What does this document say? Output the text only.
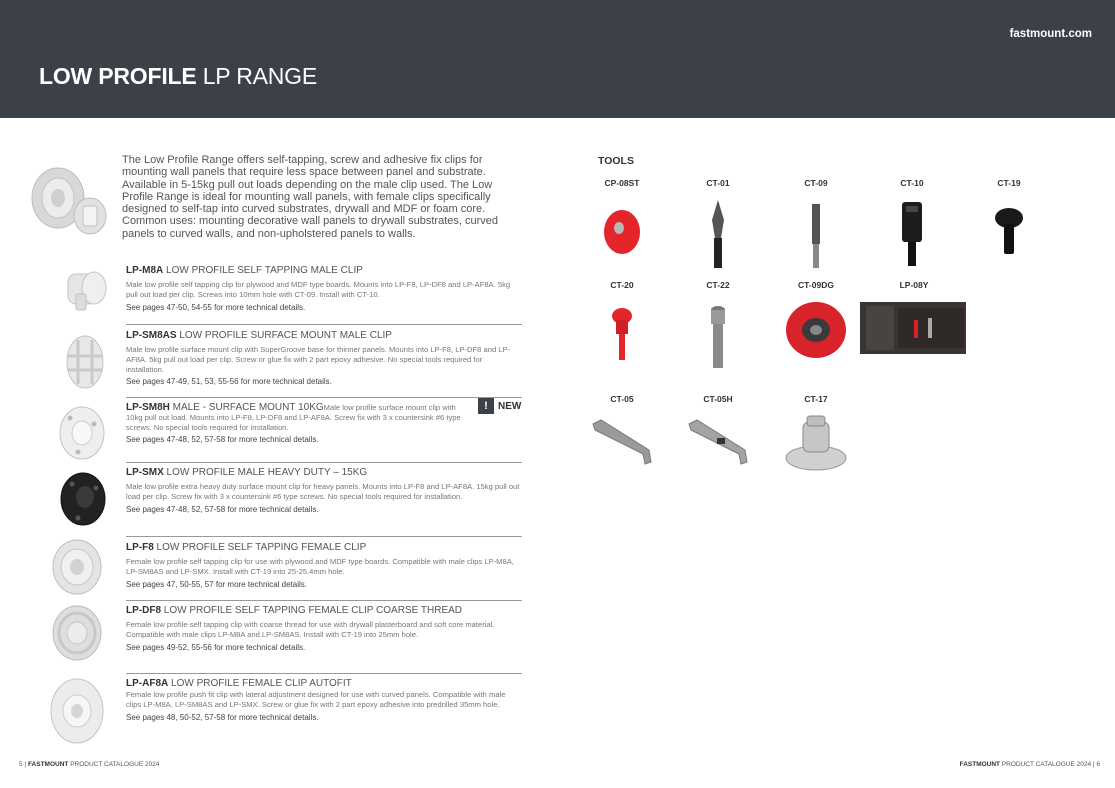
fastmount.com
LOW PROFILE LP RANGE
The Low Profile Range offers self-tapping, screw and adhesive fix clips for mounting wall panels that require less space between panel and substrate. Available in 5-15kg pull out loads depending on the male clip used. The Low Profile Range is ideal for mounting wall panels, with female clips specifically designed to self-tap into curved substrates, drywall and MDF or foam core. Common uses: mounting decorative wall panels to drywall substrates, curved panels to curved walls, and non-upholstered panels to walls.
LP-M8A LOW PROFILE SELF TAPPING MALE CLIP
Male low profile self tapping clip for plywood and MDF type boards. Mounts into LP-F8, LP-DF8 and LP-AF8A. 5kg pull out load per clip. Screws into 10mm hole with CT-09. Install with CT-10.
See pages 47-50, 54-55 for more technical details.
LP-SM8AS LOW PROFILE SURFACE MOUNT MALE CLIP
Male low profile surface mount clip with SuperGroove base for thinner panels. Mounts into LP-F8, LP-DF8 and LP-AF8A. 5kg pull out load per clip. Screw or glue fix with 2 part epoxy adhesive. No special tools required for installation.
See pages 47-49, 51, 53, 55-56 for more technical details.
LP-SM8H MALE - SURFACE MOUNT 10KGMale low profile surface mount clip with 10kg pull out load. Mounts into LP-F8, LP-DF8 and LP-AF8A. Screw fix with 3 x countersink #6 type screws. No special tools required for installation.
See pages 47-48, 52, 57-58 for more technical details.
!	NEW
LP-SMX LOW PROFILE MALE HEAVY DUTY – 15KG
Male low profile extra heavy duty surface mount clip for heavy panels. Mounts into LP-F8 and LP-AF8A. 15kg pull out load per clip. Screw fix with 3 x countersink #6 type screws. No special tools required for installation.
See pages 47-48, 52, 57-58 for more technical details.
LP-F8 LOW PROFILE SELF TAPPING FEMALE CLIP
Female low profile self tapping clip for use with plywood and MDF type boards. Compatible with male clips LP-M8A, LP-SM8AS and LP-SMX. Install with CT-19 into 25-25.4mm hole.
See pages 47, 50-55, 57 for more technical details.
LP-DF8 LOW PROFILE SELF TAPPING FEMALE CLIP COARSE THREAD
Female low profile self tapping clip with coarse thread for use with drywall plasterboard and soft core material. Compatible with male clips LP-M8A and LP-SM8AS. Install with CT-19 into 25mm hole.
See pages 49-52, 55-56 for more technical details.
LP-AF8A LOW PROFILE FEMALE CLIP AUTOFIT
Female low profile push fit clip with lateral adjustment designed for use with curved panels. Compatible with male clips LP-M8A, LP-SM8AS and LP-SMX. Screw or glue fix with 2 part epoxy adhesive into predrilled 35mm hole.
See pages 48, 50-52, 57-58 for more technical details.
TOOLS
CP-08ST	CT-01	CT-09	CT-10	CT-19
CT-20	CT-22	CT-09DG	LP-08Y
CT-05	CT-05H	CT-17
5 | FASTMOUNT PRODUCT CATALOGUE 2024	FASTMOUNT PRODUCT CATALOGUE 2024 | 6
